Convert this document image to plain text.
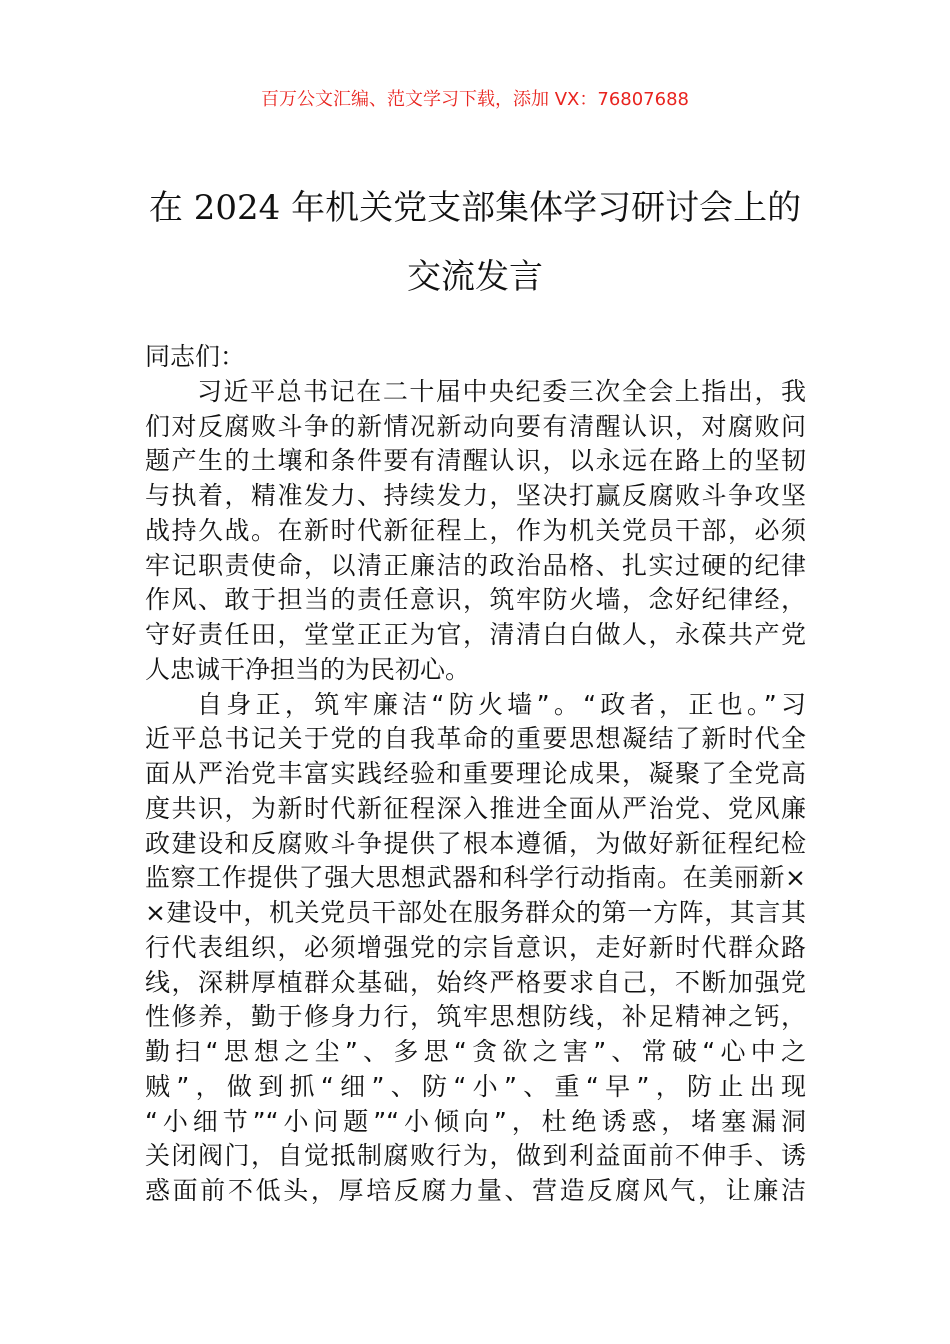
百万公文汇编、范文学习下载，添加 VX：76807688
在 2024 年机关党支部集体学习研讨会上的
交流发言
同志们：
习近平总书记在二十届中央纪委三次全会上指出，我
们对反腐败斗争的新情况新动向要有清醒认识，对腐败问
题产生的土壤和条件要有清醒认识，以永远在路上的坚韧
与执着，精准发力、持续发力，坚决打赢反腐败斗争攻坚
战持久战。在新时代新征程上，作为机关党员干部，必须
牢记职责使命，以清正廉洁的政治品格、扎实过硬的纪律
作风、敢于担当的责任意识，筑牢防火墙，念好纪律经，
守好责任田，堂堂正正为官，清清白白做人，永葆共产党
人忠诚干净担当的为民初心。
自身正，筑牢廉洁“防火墙”。“政者，正也。”习
近平总书记关于党的自我革命的重要思想凝结了新时代全
面从严治党丰富实践经验和重要理论成果，凝聚了全党高
度共识，为新时代新征程深入推进全面从严治党、党风廉
政建设和反腐败斗争提供了根本遵循，为做好新征程纪检
监察工作提供了强大思想武器和科学行动指南。在美丽新×
×建设中，机关党员干部处在服务群众的第一方阵，其言其
行代表组织，必须增强党的宗旨意识，走好新时代群众路
线，深耕厚植群众基础，始终严格要求自己，不断加强党
性修养，勤于修身力行，筑牢思想防线，补足精神之钙，
勤扫“思想之尘”、多思“贪欲之害”、常破“心中之
贼”，做到抓“细”、防“小”、重“早”，防止出现
“小细节”“小问题”“小倾向”，杜绝诱惑，堵塞漏洞
关闭阀门，自觉抵制腐败行为，做到利益面前不伸手、诱
惑面前不低头，厚培反腐力量、营造反腐风气，让廉洁
